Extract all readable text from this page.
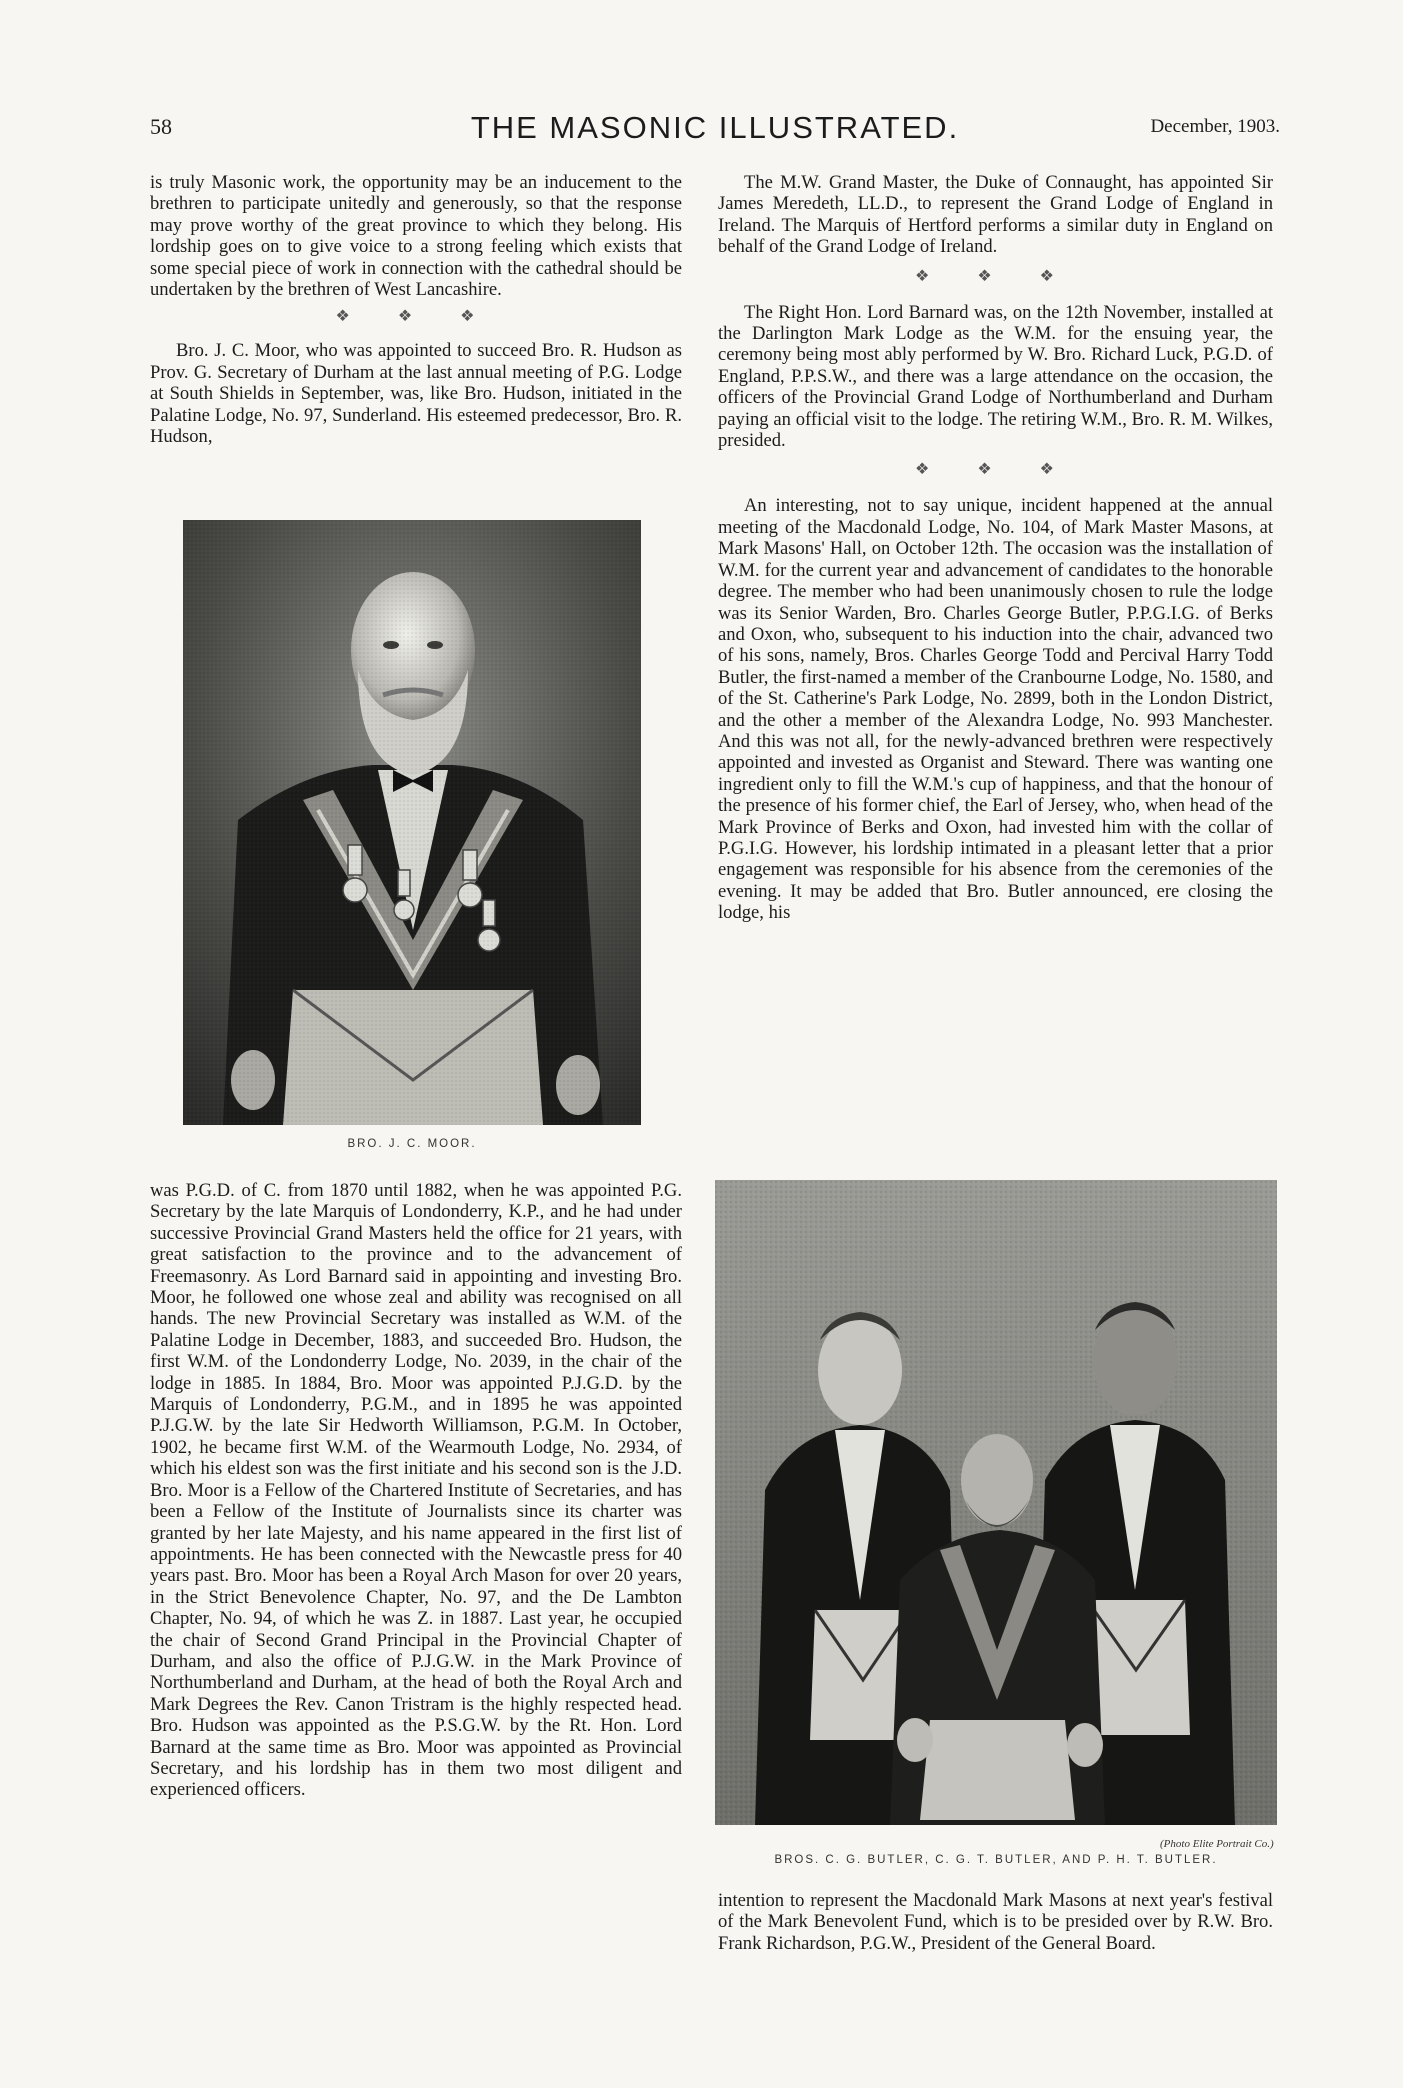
58	THE MASONIC ILLUSTRATED.	December, 1903.

is truly Masonic work, the opportunity may be an inducement to the brethren to participate unitedly and generously, so that the response may prove worthy of the great province to which they belong. His lordship goes on to give voice to a strong feeling which exists that some special piece of work in connection with the cathedral should be undertaken by the brethren of West Lancashire.

❖ ❖ ❖

Bro. J. C. Moor, who was appointed to succeed Bro. R. Hudson as Prov. G. Secretary of Durham at the last annual meeting of P.G. Lodge at South Shields in September, was, like Bro. Hudson, initiated in the Palatine Lodge, No. 97, Sunderland. His esteemed predecessor, Bro. R. Hudson,

BRO. J. C. MOOR.

was P.G.D. of C. from 1870 until 1882, when he was appointed P.G. Secretary by the late Marquis of Londonderry, K.P., and he had under successive Provincial Grand Masters held the office for 21 years, with great satisfaction to the province and to the advancement of Freemasonry. As Lord Barnard said in appointing and investing Bro. Moor, he followed one whose zeal and ability was recognised on all hands. The new Provincial Secretary was installed as W.M. of the Palatine Lodge in December, 1883, and succeeded Bro. Hudson, the first W.M. of the Londonderry Lodge, No. 2039, in the chair of the lodge in 1885. In 1884, Bro. Moor was appointed P.J.G.D. by the Marquis of Londonderry, P.G.M., and in 1895 he was appointed P.J.G.W. by the late Sir Hedworth Williamson, P.G.M. In October, 1902, he became first W.M. of the Wearmouth Lodge, No. 2934, of which his eldest son was the first initiate and his second son is the J.D. Bro. Moor is a Fellow of the Chartered Institute of Secretaries, and has been a Fellow of the Institute of Journalists since its charter was granted by her late Majesty, and his name appeared in the first list of appointments. He has been connected with the Newcastle press for 40 years past. Bro. Moor has been a Royal Arch Mason for over 20 years, in the Strict Benevolence Chapter, No. 97, and the De Lambton Chapter, No. 94, of which he was Z. in 1887. Last year, he occupied the chair of Second Grand Principal in the Provincial Chapter of Durham, and also the office of P.J.G.W. in the Mark Province of Northumberland and Durham, at the head of both the Royal Arch and Mark Degrees the Rev. Canon Tristram is the highly respected head. Bro. Hudson was appointed as the P.S.G.W. by the Rt. Hon. Lord Barnard at the same time as Bro. Moor was appointed as Provincial Secretary, and his lordship has in them two most diligent and experienced officers.

The M.W. Grand Master, the Duke of Connaught, has appointed Sir James Meredeth, LL.D., to represent the Grand Lodge of England in Ireland. The Marquis of Hertford performs a similar duty in England on behalf of the Grand Lodge of Ireland.

❖ ❖ ❖

The Right Hon. Lord Barnard was, on the 12th November, installed at the Darlington Mark Lodge as the W.M. for the ensuing year, the ceremony being most ably performed by W. Bro. Richard Luck, P.G.D. of England, P.P.S.W., and there was a large attendance on the occasion, the officers of the Provincial Grand Lodge of Northumberland and Durham paying an official visit to the lodge. The retiring W.M., Bro. R. M. Wilkes, presided.

❖ ❖ ❖

An interesting, not to say unique, incident happened at the annual meeting of the Macdonald Lodge, No. 104, of Mark Master Masons, at Mark Masons' Hall, on October 12th. The occasion was the installation of W.M. for the current year and advancement of candidates to the honorable degree. The member who had been unanimously chosen to rule the lodge was its Senior Warden, Bro. Charles George Butler, P.P.G.I.G. of Berks and Oxon, who, subsequent to his induction into the chair, advanced two of his sons, namely, Bros. Charles George Todd and Percival Harry Todd Butler, the first-named a member of the Cranbourne Lodge, No. 1580, and of the St. Catherine's Park Lodge, No. 2899, both in the London District, and the other a member of the Alexandra Lodge, No. 993 Manchester. And this was not all, for the newly-advanced brethren were respectively appointed and invested as Organist and Steward. There was wanting one ingredient only to fill the W.M.'s cup of happiness, and that the honour of the presence of his former chief, the Earl of Jersey, who, when head of the Mark Province of Berks and Oxon, had invested him with the collar of P.G.I.G. However, his lordship intimated in a pleasant letter that a prior engagement was responsible for his absence from the ceremonies of the evening. It may be added that Bro. Butler announced, ere closing the lodge, his

(Photo Elite Portrait Co.)
BROS. C. G. BUTLER, C. G. T. BUTLER, AND P. H. T. BUTLER.

intention to represent the Macdonald Mark Masons at next year's festival of the Mark Benevolent Fund, which is to be presided over by R.W. Bro. Frank Richardson, P.G.W., President of the General Board.
